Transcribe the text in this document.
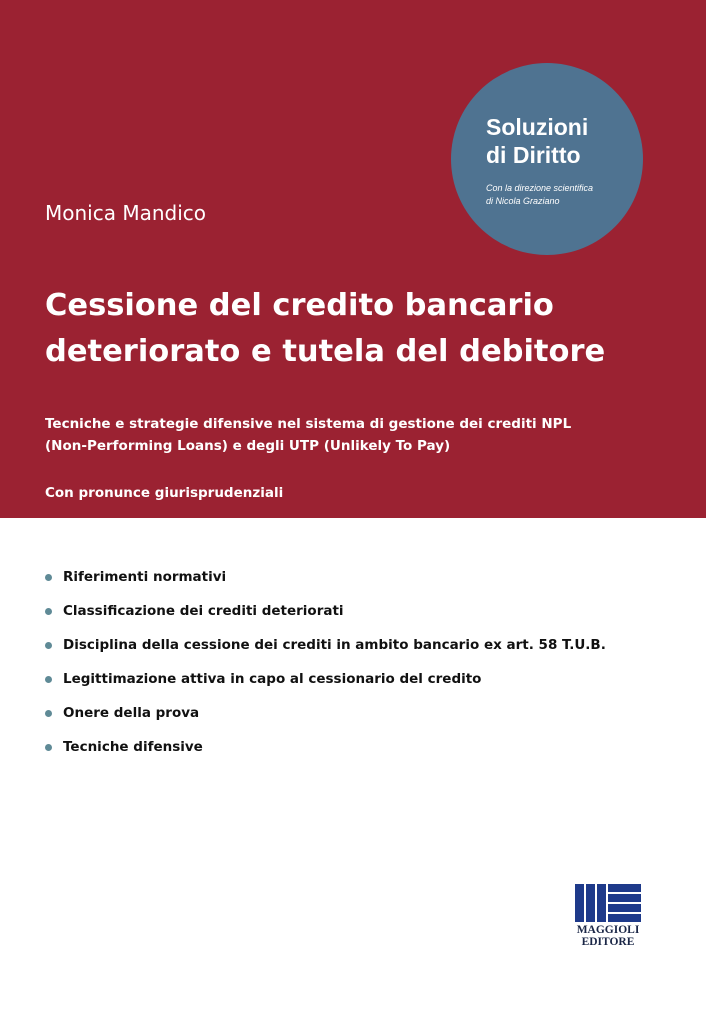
Soluzioni
di Diritto

Con la direzione scientifica
di Nicola Graziano

Monica Mandico

Cessione del credito bancario
deteriorato e tutela del debitore

Tecniche e strategie difensive nel sistema di gestione dei crediti NPL
(Non-Performing Loans) e degli UTP (Unlikely To Pay)

Con pronunce giurisprudenziali

Riferimenti normativi
Classificazione dei crediti deteriorati
Disciplina della cessione dei crediti in ambito bancario ex art. 58 T.U.B.
Legittimazione attiva in capo al cessionario del credito
Onere della prova
Tecniche difensive

MAGGIOLI
EDITORE
